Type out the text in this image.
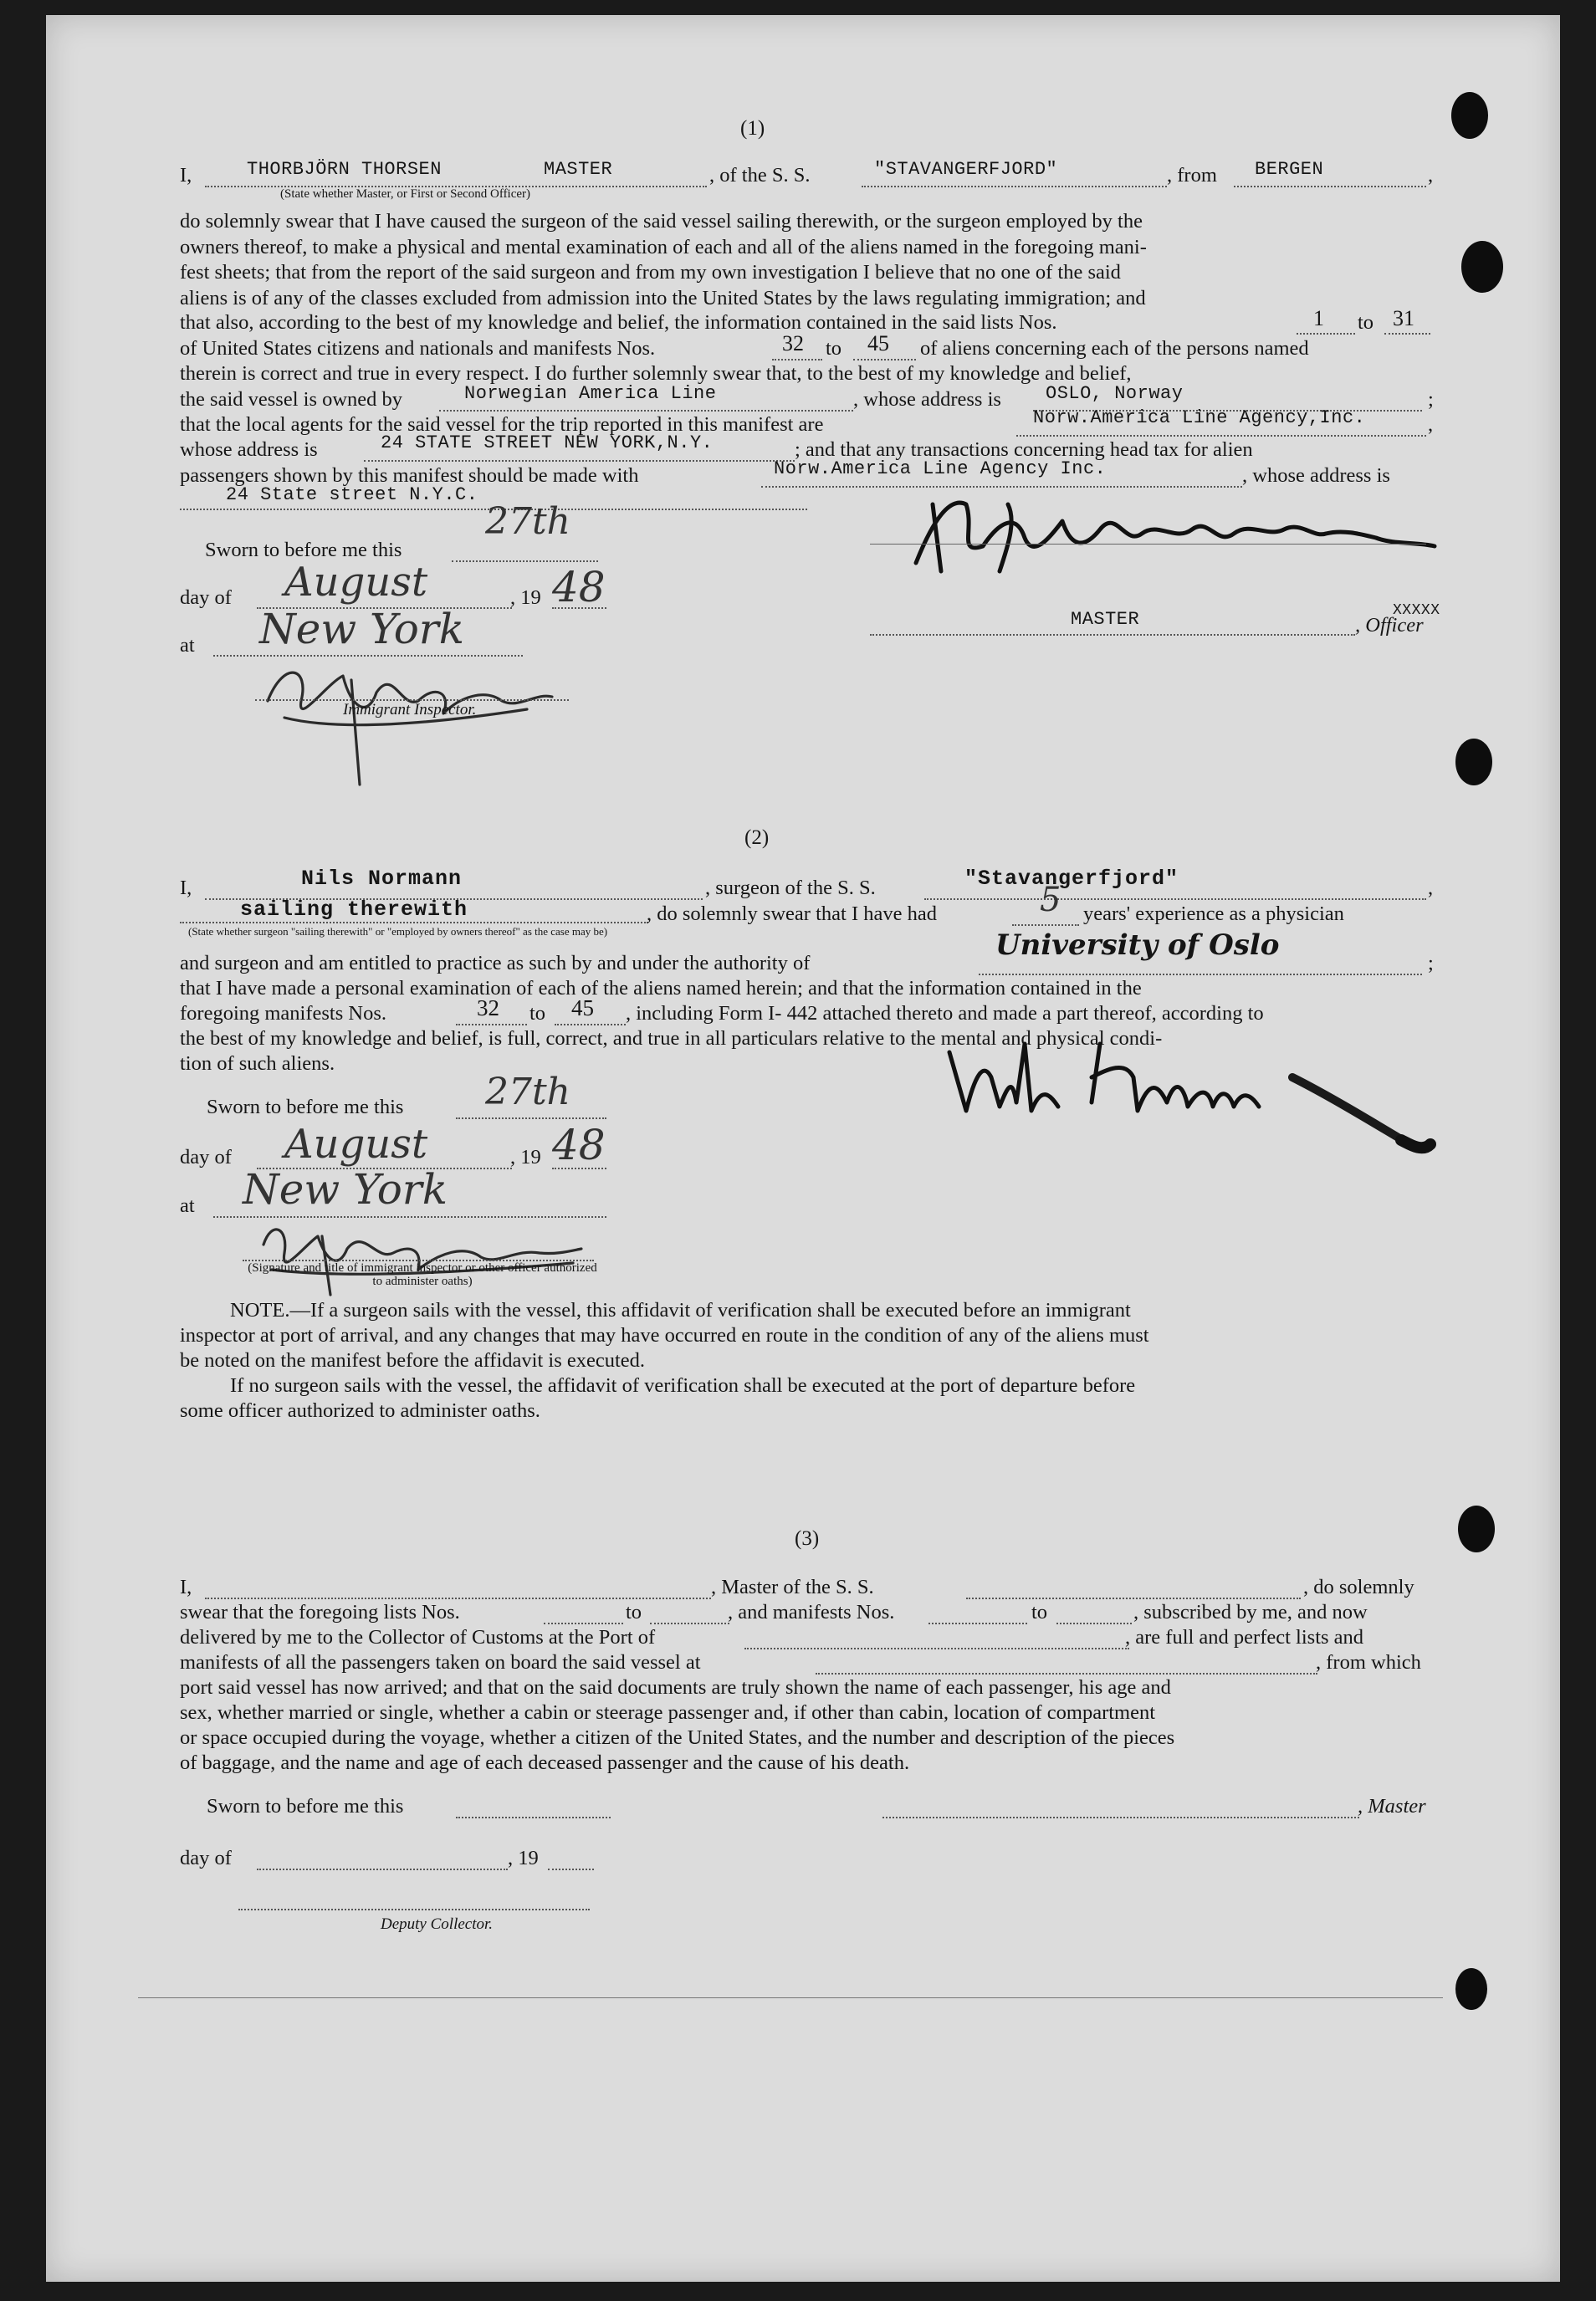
(1)
I,	THORBJÖRN THORSEN	MASTER
(State whether Master, or First or Second Officer)
, of the S. S.	"STAVANGERFJORD"	, from BERGEN	,
do solemnly swear that I have caused the surgeon of the said vessel sailing therewith, or the surgeon employed by the
owners thereof, to make a physical and mental examination of each and all of the aliens named in the foregoing mani-
fest sheets; that from the report of the said surgeon and from my own investigation I believe that no one of the said
aliens is of any of the classes excluded from admission into the United States by the laws regulating immigration; and
that also, according to the best of my knowledge and belief, the information contained in the said lists Nos.	1 to 31
of United States citizens and nationals and manifests Nos.	32 to 45 of aliens concerning each of the persons named
therein is correct and true in every respect. I do further solemnly swear that, to the best of my knowledge and belief,
the said vessel is owned by	Norwegian America Line	, whose address is OSLO, Norway	;
that the local agents for the said vessel for the trip reported in this manifest are	Norw.America Line Agency,Inc.	,
whose address is	24 STATE STREET NEW YORK,N.Y.	; and that any transactions concerning head tax for alien
passengers shown by this manifest should be made with	Norw.America Line Agency Inc.	, whose address is
24 State street N.Y.C.
Sworn to before me this
27th
day of August	, 19 48
at New York
Immigrant Inspector.
MASTER	, Officer
XXXXX
(2)
I,	Nils Normann	, surgeon of the S. S.	"Stavangerfjord"	,
sailing therewith
(State whether surgeon "sailing therewith" or "employed by owners thereof" as the case may be)
, do solemnly swear that I have had	5 years' experience as a physician
and surgeon and am entitled to practice as such by and under the authority of
University of Oslo
;
that I have made a personal examination of each of the aliens named herein; and that the information contained in the
foregoing manifests Nos.	32 to 45 , including Form I- 442 attached thereto and made a part thereof, according to
the best of my knowledge and belief, is full, correct, and true in all particulars relative to the mental and physical condi-
tion of such aliens.
Sworn to before me this 27th
day of August	, 19 48
at New York
(Signature and title of immigrant inspector or other officer authorized to administer oaths)
NOTE.—If a surgeon sails with the vessel, this affidavit of verification shall be executed before an immigrant
inspector at port of arrival, and any changes that may have occurred en route in the condition of any of the aliens must
be noted on the manifest before the affidavit is executed.
If no surgeon sails with the vessel, the affidavit of verification shall be executed at the port of departure before
some officer authorized to administer oaths.
(3)
I,	, Master of the S. S.	, do solemnly
swear that the foregoing lists Nos.	to	, and manifests Nos.	to	, subscribed by me, and now
delivered by me to the Collector of Customs at the Port of	, are full and perfect lists and
manifests of all the passengers taken on board the said vessel at	, from which
port said vessel has now arrived; and that on the said documents are truly shown the name of each passenger, his age and
sex, whether married or single, whether a cabin or steerage passenger and, if other than cabin, location of compartment
or space occupied during the voyage, whether a citizen of the United States, and the number and description of the pieces
of baggage, and the name and age of each deceased passenger and the cause of his death.
Sworn to before me this	, Master
day of	, 19
Deputy Collector.
